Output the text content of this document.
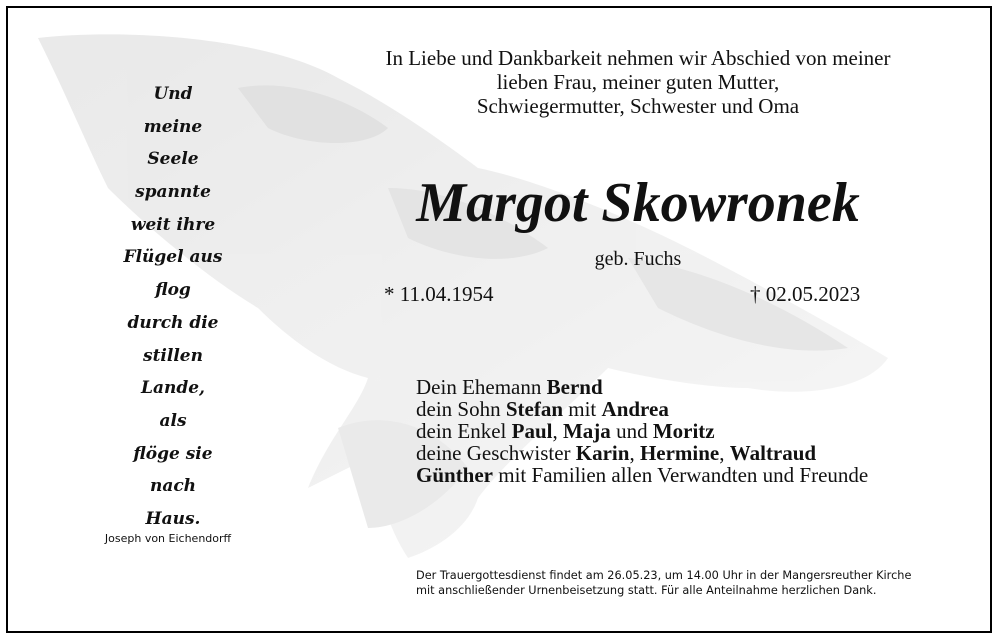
Und
meine
Seele
spannte
weit ihre
Flügel aus
flog
durch die
stillen
Lande,
als
flöge sie
nach
Haus.
Joseph von Eichendorff
In Liebe und Dankbarkeit nehmen wir Abschied von meiner
lieben Frau, meiner guten Mutter,
Schwiegermutter, Schwester und Oma
Margot Skowronek
geb. Fuchs
* 11.04.1954	† 02.05.2023
Dein Ehemann Bernd
dein Sohn Stefan mit Andrea
dein Enkel Paul, Maja und Moritz
deine Geschwister Karin, Hermine, Waltraud
Günther mit Familien allen Verwandten und Freunde
Der Trauergottesdienst findet am 26.05.23, um 14.00 Uhr in der Mangersreuther Kirche
mit anschließender Urnenbeisetzung statt. Für alle Anteilnahme herzlichen Dank.
